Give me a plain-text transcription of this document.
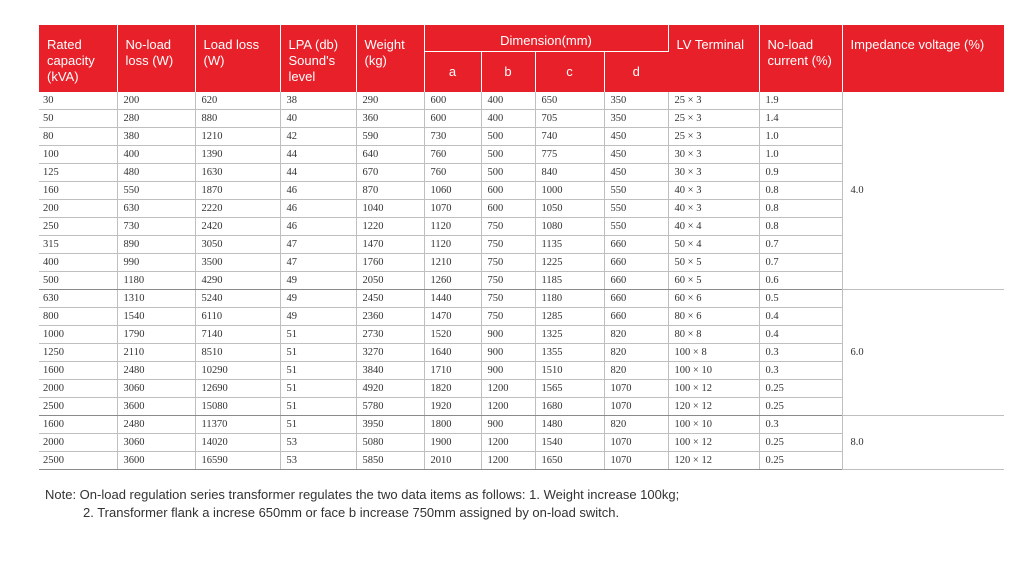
Rated capacity (kVA)	No-load loss (W)	Load loss (W)	LPA (db) Sound's level	Weight (kg)	Dimension(mm)				LV Terminal	No-load current (%)	Impedance voltage (%)
					a	b	c	d			
30	200	620	38	290	600	400	650	350	25 × 3	1.9	4.0
50	280	880	40	360	600	400	705	350	25 × 3	1.4	
80	380	1210	42	590	730	500	740	450	25 × 3	1.0	
100	400	1390	44	640	760	500	775	450	30 × 3	1.0	
125	480	1630	44	670	760	500	840	450	30 × 3	0.9	
160	550	1870	46	870	1060	600	1000	550	40 × 3	0.8	
200	630	2220	46	1040	1070	600	1050	550	40 × 3	0.8	
250	730	2420	46	1220	1120	750	1080	550	40 × 4	0.8	
315	890	3050	47	1470	1120	750	1135	660	50 × 4	0.7	
400	990	3500	47	1760	1210	750	1225	660	50 × 5	0.7	
500	1180	4290	49	2050	1260	750	1185	660	60 × 5	0.6	
630	1310	5240	49	2450	1440	750	1180	660	60 × 6	0.5	6.0
800	1540	6110	49	2360	1470	750	1285	660	80 × 6	0.4	
1000	1790	7140	51	2730	1520	900	1325	820	80 × 8	0.4	
1250	2110	8510	51	3270	1640	900	1355	820	100 × 8	0.3	
1600	2480	10290	51	3840	1710	900	1510	820	100 × 10	0.3	
2000	3060	12690	51	4920	1820	1200	1565	1070	100 × 12	0.25	
2500	3600	15080	51	5780	1920	1200	1680	1070	120 × 12	0.25	
1600	2480	11370	51	3950	1800	900	1480	820	100 × 10	0.3	8.0
2000	3060	14020	53	5080	1900	1200	1540	1070	100 × 12	0.25	
2500	3600	16590	53	5850	2010	1200	1650	1070	120 × 12	0.25	
Note: On-load regulation series transformer regulates the two data items as follows: 1. Weight increase 100kg;
2. Transformer flank a increse 650mm or face b increase 750mm assigned by on-load switch.
